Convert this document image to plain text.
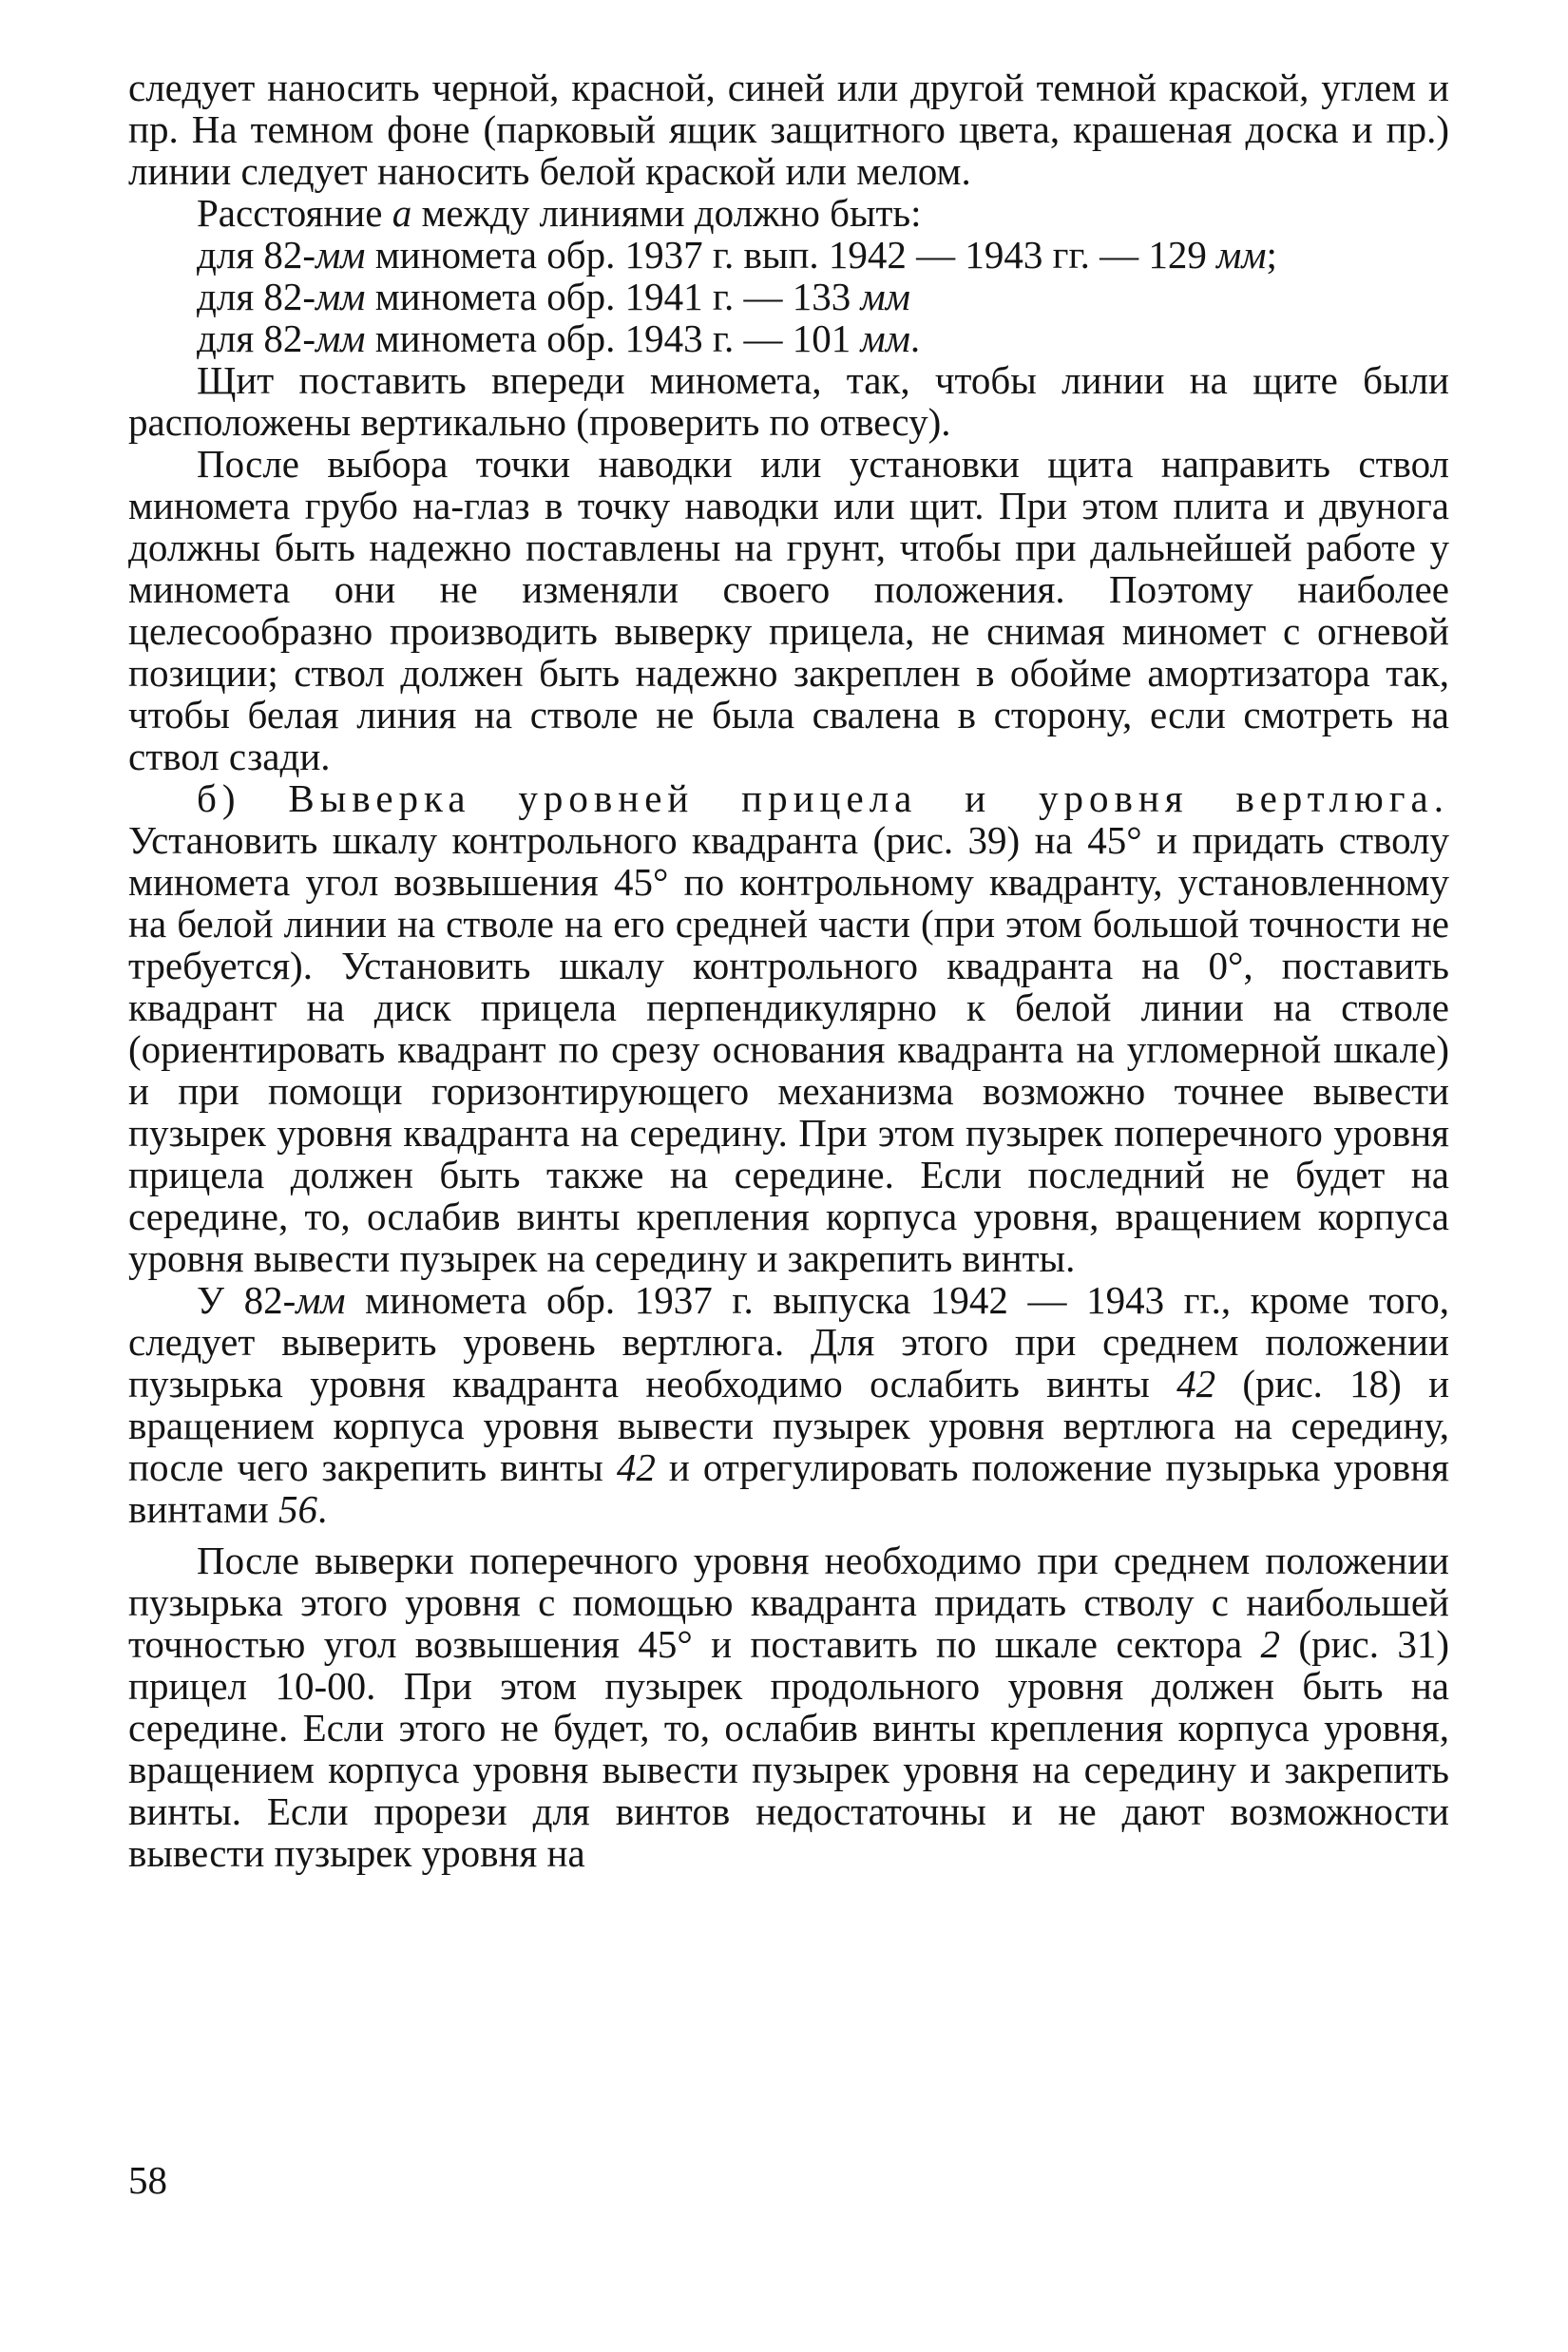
следует наносить черной, красной, синей или другой темной краской, углем и пр. На темном фоне (парковый ящик защитного цвета, крашеная доска и пр.) линии следует наносить белой краской или мелом.

Расстояние a между линиями должно быть:

для 82-мм миномета обр. 1937 г. вып. 1942 — 1943 гг. — 129 мм;
для 82-мм миномета обр. 1941 г. — 133 мм
для 82-мм миномета обр. 1943 г. — 101 мм.

Щит поставить впереди миномета, так, чтобы линии на щите были расположены вертикально (проверить по отвесу).

После выбора точки наводки или установки щита направить ствол миномета грубо на-глаз в точку наводки или щит. При этом плита и двунога должны быть надежно поставлены на грунт, чтобы при дальнейшей работе у миномета они не изменяли своего положения. Поэтому наиболее целесообразно производить выверку прицела, не снимая миномет с огневой позиции; ствол должен быть надежно закреплен в обойме амортизатора так, чтобы белая линия на стволе не была свалена в сторону, если смотреть на ствол сзади.

б) Выверка уровней прицела и уровня вертлюга. Установить шкалу контрольного квадранта (рис. 39) на 45° и придать стволу миномета угол возвышения 45° по контрольному квадранту, установленному на белой линии на стволе на его средней части (при этом большой точности не требуется). Установить шкалу контрольного квадранта на 0°, поставить квадрант на диск прицела перпендикулярно к белой линии на стволе (ориентировать квадрант по срезу основания квадранта на угломерной шкале) и при помощи горизонтирующего механизма возможно точнее вывести пузырек уровня квадранта на середину. При этом пузырек поперечного уровня прицела должен быть также на середине. Если последний не будет на середине, то, ослабив винты крепления корпуса уровня, вращением корпуса уровня вывести пузырек на середину и закрепить винты.

У 82-мм миномета обр. 1937 г. выпуска 1942 — 1943 гг., кроме того, следует выверить уровень вертлюга. Для этого при среднем положении пузырька уровня квадранта необходимо ослабить винты 42 (рис. 18) и вращением корпуса уровня вывести пузырек уровня вертлюга на середину, после чего закрепить винты 42 и отрегулировать положение пузырька уровня винтами 56.

После выверки поперечного уровня необходимо при среднем положении пузырька этого уровня с помощью квадранта придать стволу с наибольшей точностью угол возвышения 45° и поставить по шкале сектора 2 (рис. 31) прицел 10-00. При этом пузырек продольного уровня должен быть на середине. Если этого не будет, то, ослабив винты крепления корпуса уровня, вращением корпуса уровня вывести пузырек уровня на середину и закрепить винты. Если прорези для винтов недостаточны и не дают возможности вывести пузырек уровня на

58
